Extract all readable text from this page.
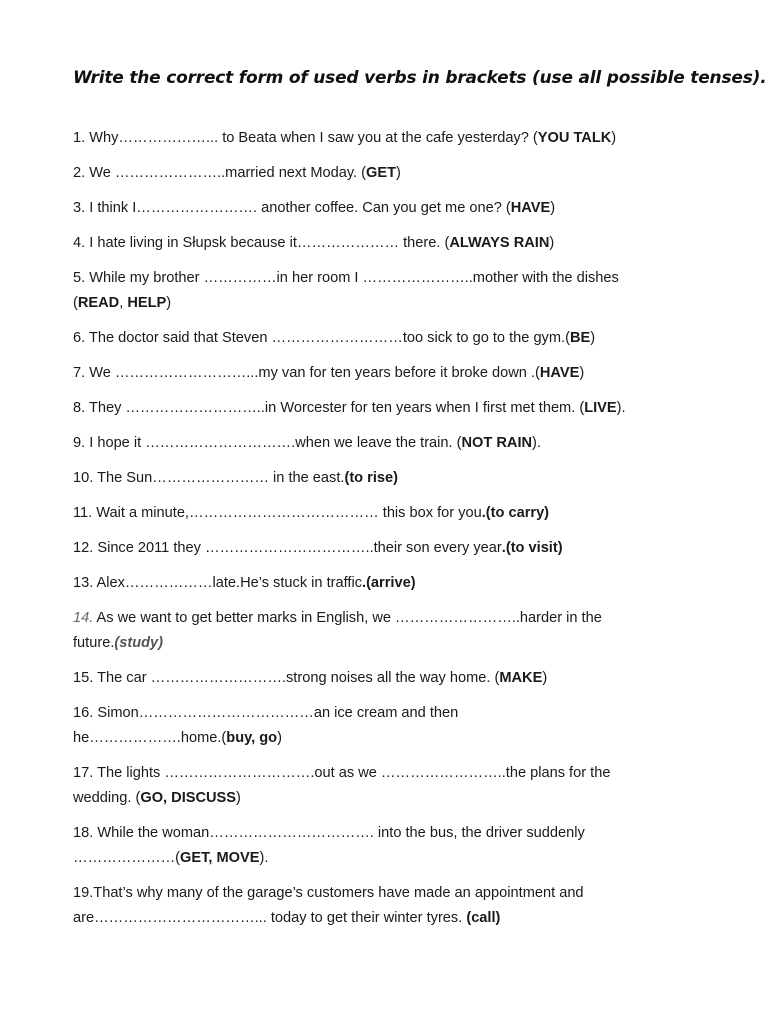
Write the correct form of used verbs in brackets (use all possible tenses).
1. Why………………... to Beata when I saw you at the cafe yesterday? (YOU TALK)
2. We …………………..married next Moday. (GET)
3. I think I……………………. another coffee. Can you get me one? (HAVE)
4. I hate living in Słupsk because it………………… there. (ALWAYS RAIN)
5. While my brother ……………in her room I …………………..mother with the dishes
(READ, HELP)
6. The doctor said that Steven ………………………too sick to go to the gym.(BE)
7. We ………………………...my van for ten years before it broke down .(HAVE)
8. They ………………………..in Worcester for ten years when I first met them. (LIVE).
9. I hope it ………………………….when we leave the train. (NOT RAIN).
10. The Sun…………………… in the east.(to rise)
11. Wait a minute,………………………………… this box for you.(to carry)
12. Since 2011 they ……………………………..their son every year.(to visit)
13. Alex………………late.He’s stuck in traffic.(arrive)
14. As we want to get better marks in English, we ……………………..harder in the
future.(study)
15. The car ……………………….strong noises all the way home. (MAKE)
16. Simon………………………………an ice cream and then
he……………….home.(buy, go)
17. The lights ………………………….out as we ……………………..the plans for the
wedding. (GO, DISCUSS)
18. While the woman……………………………. into the bus, the driver suddenly
…………………(GET, MOVE).
19.That’s why many of the garage’s customers have made an appointment and
are……………………………... today to get their winter tyres. (call)
